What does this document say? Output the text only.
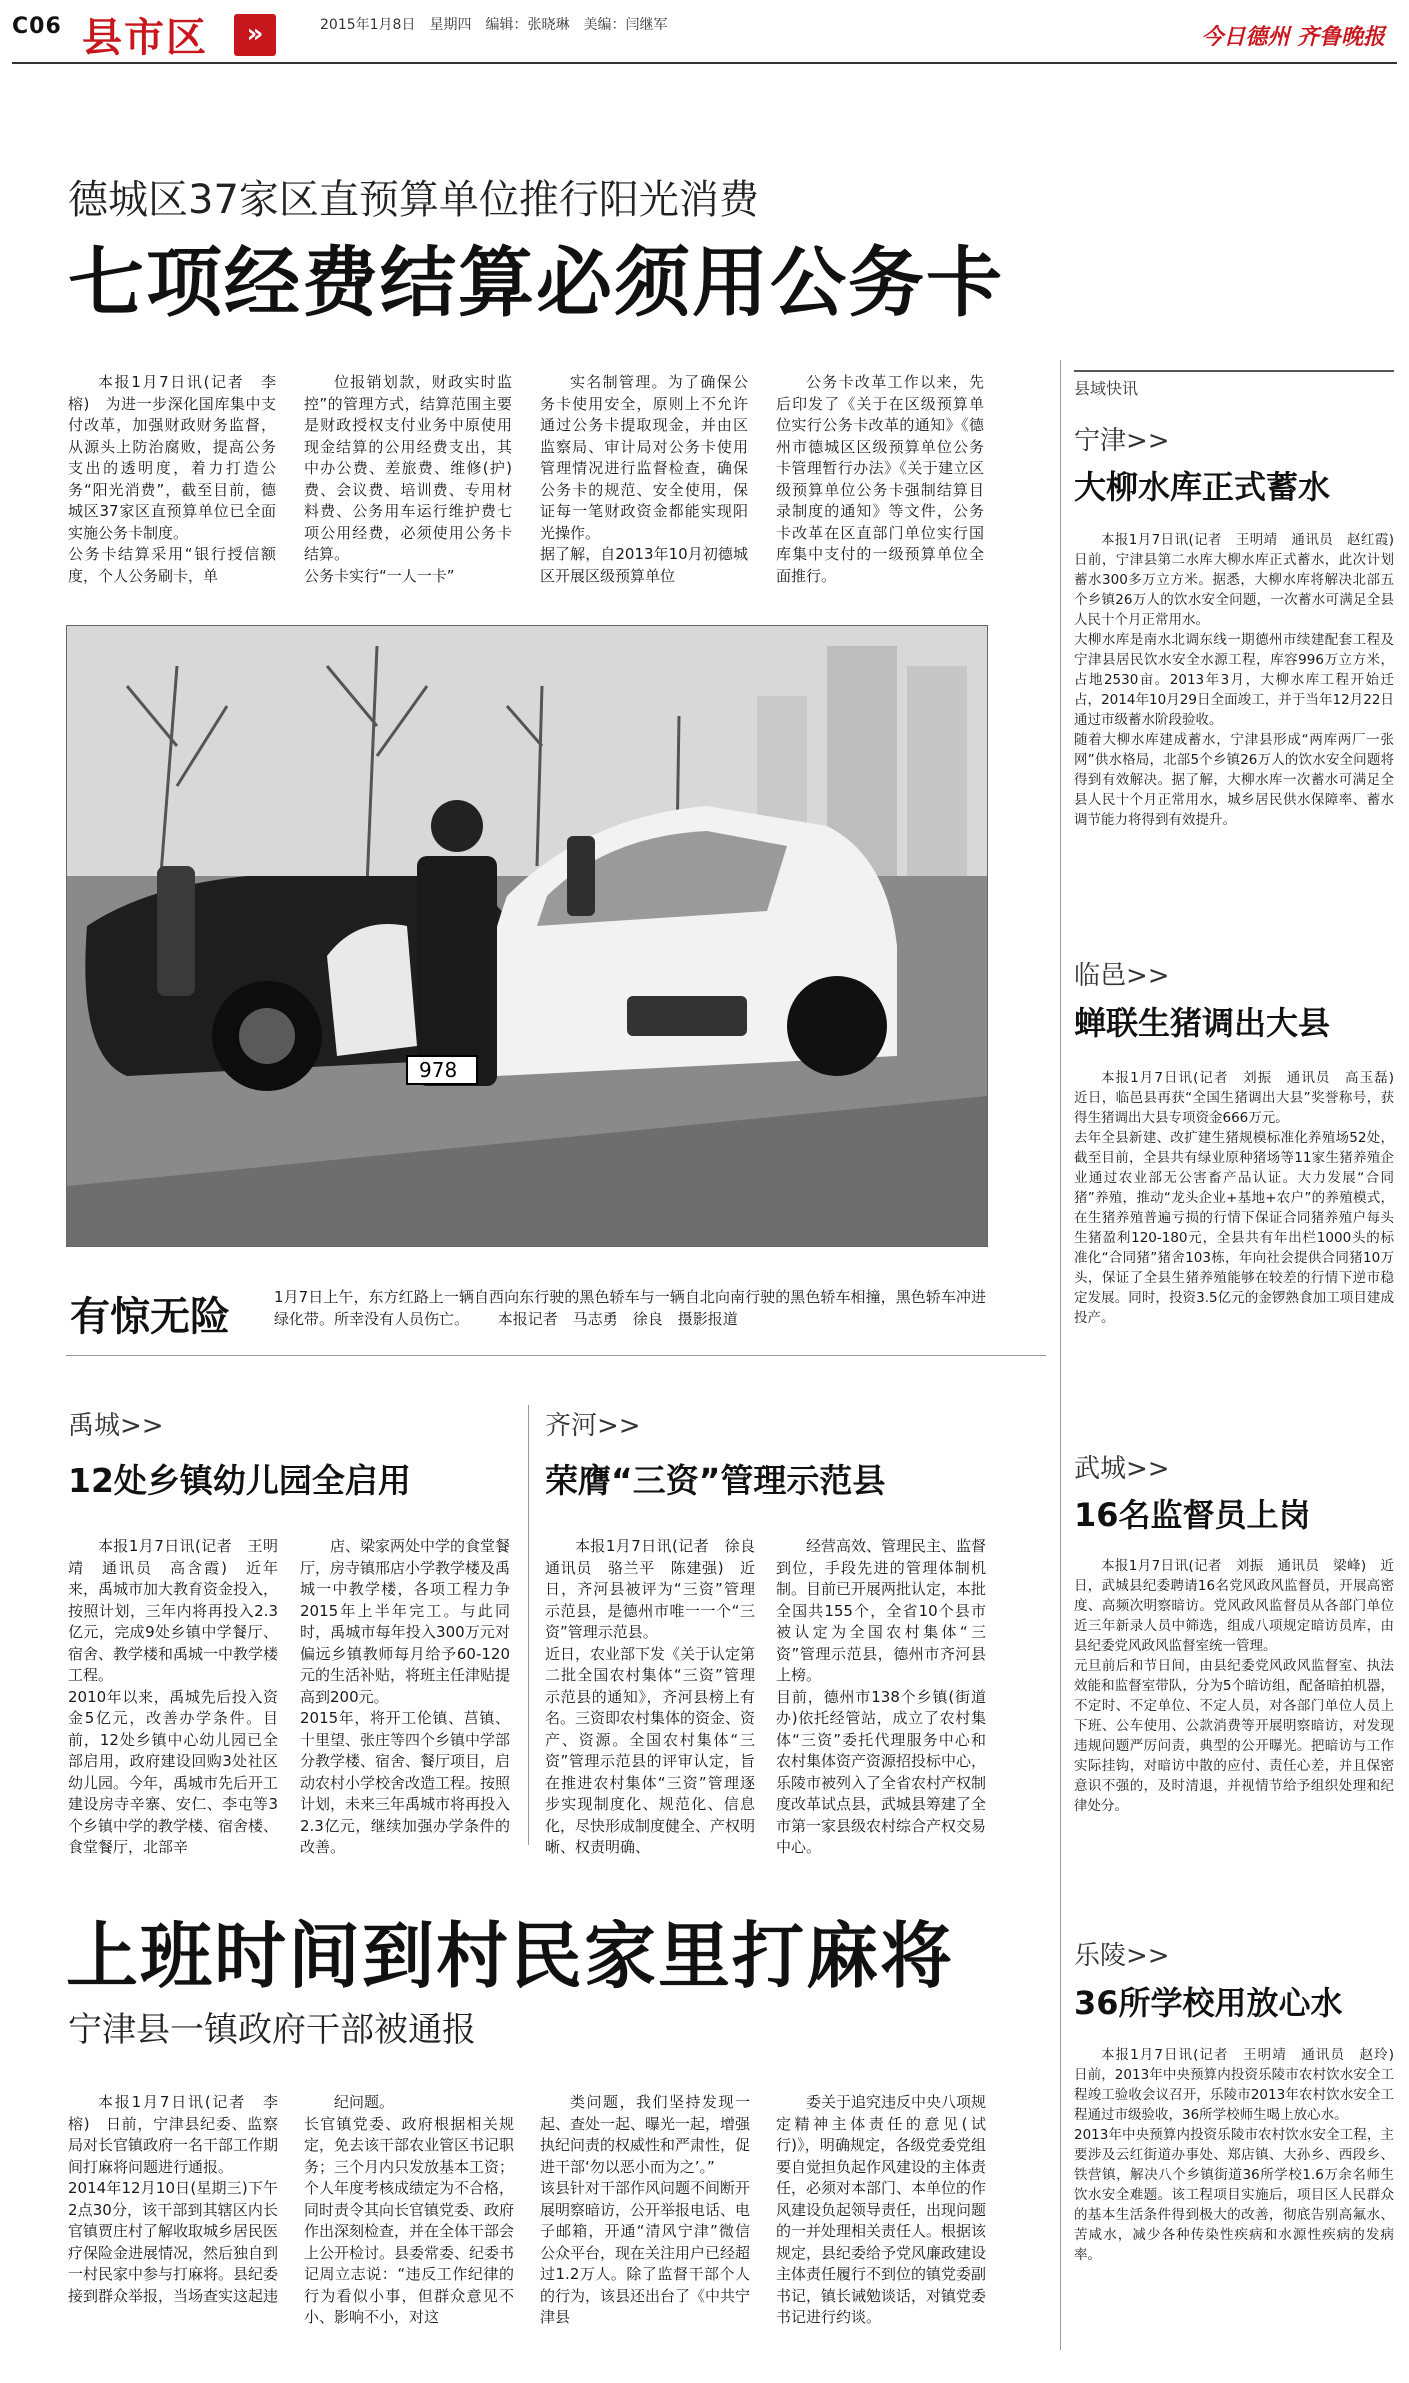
C06 县市区	»	2015年1月8日　星期四　编辑：张晓琳　美编：闫继军	今日德州 齐鲁晚报
德城区37家区直预算单位推行阳光消费
七项经费结算必须用公务卡

本报1月7日讯(记者　李榕)　为进一步深化国库集中支付改革，加强财政财务监督，从源头上防治腐败，提高公务支出的透明度，着力打造公务“阳光消费”，截至目前，德城区37家区直预算单位已全面实施公务卡制度。
公务卡结算采用“银行授信额度，个人公务刷卡，单

位报销划款，财政实时监控”的管理方式，结算范围主要是财政授权支付业务中原使用现金结算的公用经费支出，其中办公费、差旅费、维修(护)费、会议费、培训费、专用材料费、公务用车运行维护费七项公用经费，必须使用公务卡结算。
公务卡实行“一人一卡”

实名制管理。为了确保公务卡使用安全，原则上不允许通过公务卡提取现金，并由区监察局、审计局对公务卡使用管理情况进行监督检查，确保公务卡的规范、安全使用，保证每一笔财政资金都能实现阳光操作。
据了解，自2013年10月初德城区开展区级预算单位

公务卡改革工作以来，先后印发了《关于在区级预算单位实行公务卡改革的通知》《德州市德城区区级预算单位公务卡管理暂行办法》《关于建立区级预算单位公务卡强制结算目录制度的通知》等文件，公务卡改革在区直部门单位实行国库集中支付的一级预算单位全面推行。

978
有惊无险	1月7日上午，东方红路上一辆自西向东行驶的黑色轿车与一辆自北向南行驶的黑色轿车相撞，黑色轿车冲进绿化带。所幸没有人员伤亡。 本报记者　马志勇　徐良　摄影报道
县域快讯
宁津>>
大柳水库正式蓄水

本报1月7日讯(记者　王明靖　通讯员　赵红霞)　日前，宁津县第二水库大柳水库正式蓄水，此次计划蓄水300多万立方米。据悉，大柳水库将解决北部五个乡镇26万人的饮水安全问题，一次蓄水可满足全县人民十个月正常用水。
大柳水库是南水北调东线一期德州市续建配套工程及宁津县居民饮水安全水源工程，库容996万立方米，占地2530亩。2013年3月，大柳水库工程开始迁占，2014年10月29日全面竣工，并于当年12月22日通过市级蓄水阶段验收。
随着大柳水库建成蓄水，宁津县形成“两库两厂一张网”供水格局，北部5个乡镇26万人的饮水安全问题将得到有效解决。据了解，大柳水库一次蓄水可满足全县人民十个月正常用水，城乡居民供水保障率、蓄水调节能力将得到有效提升。

临邑>>
蝉联生猪调出大县

本报1月7日讯(记者　刘振　通讯员　高玉磊)　近日，临邑县再获“全国生猪调出大县”奖誉称号，获得生猪调出大县专项资金666万元。
去年全县新建、改扩建生猪规模标准化养殖场52处，截至目前，全县共有绿业原种猪场等11家生猪养殖企业通过农业部无公害畜产品认证。大力发展“合同猪”养殖，推动“龙头企业+基地+农户”的养殖模式，在生猪养殖普遍亏损的行情下保证合同猪养殖户每头生猪盈利120-180元，全县共有年出栏1000头的标准化“合同猪”猪舍103栋，年向社会提供合同猪10万头，保证了全县生猪养殖能够在较差的行情下逆市稳定发展。同时，投资3.5亿元的金锣熟食加工项目建成投产。

武城>>
16名监督员上岗

本报1月7日讯(记者　刘振　通讯员　梁峰)　近日，武城县纪委聘请16名党风政风监督员，开展高密度、高频次明察暗访。党风政风监督员从各部门单位近三年新录人员中筛选，组成八项规定暗访员库，由县纪委党风政风监督室统一管理。
元旦前后和节日间，由县纪委党风政风监督室、执法效能和监督室带队，分为5个暗访组，配备暗拍机器，不定时、不定单位、不定人员，对各部门单位人员上下班、公车使用、公款消费等开展明察暗访，对发现违规问题严厉问责，典型的公开曝光。把暗访与工作实际挂钩，对暗访中散的应付、责任心差，并且保密意识不强的，及时清退，并视情节给予组织处理和纪律处分。

乐陵>>
36所学校用放心水

本报1月7日讯(记者　王明靖　通讯员　赵玲)　日前，2013年中央预算内投资乐陵市农村饮水安全工程竣工验收会议召开，乐陵市2013年农村饮水安全工程通过市级验收，36所学校师生喝上放心水。
2013年中央预算内投资乐陵市农村饮水安全工程，主要涉及云红街道办事处、郑店镇、大孙乡、西段乡、铁营镇，解决八个乡镇街道36所学校1.6万余名师生饮水安全难题。该工程项目实施后，项目区人民群众的基本生活条件得到极大的改善，彻底告别高氟水、苦咸水，减少各种传染性疾病和水源性疾病的发病率。

禹城>>
12处乡镇幼儿园全启用

本报1月7日讯(记者　王明靖　通讯员　高含霞)　近年来，禹城市加大教育资金投入，按照计划，三年内将再投入2.3亿元，完成9处乡镇中学餐厅、宿舍、教学楼和禹城一中教学楼工程。
2010年以来，禹城先后投入资金5亿元，改善办学条件。目前，12处乡镇中心幼儿园已全部启用，政府建设回购3处社区幼儿园。今年，禹城市先后开工建设房寺辛寨、安仁、李屯等3个乡镇中学的教学楼、宿舍楼、食堂餐厅，北部辛

店、梁家两处中学的食堂餐厅，房寺镇邢店小学教学楼及禹城一中教学楼，各项工程力争2015年上半年完工。与此同时，禹城市每年投入300万元对偏远乡镇教师每月给予60-120元的生活补贴，将班主任津贴提高到200元。
2015年，将开工伦镇、莒镇、十里望、张庄等四个乡镇中学部分教学楼、宿舍、餐厅项目，启动农村小学校舍改造工程。按照计划，未来三年禹城市将再投入2.3亿元，继续加强办学条件的改善。

齐河>>
荣膺“三资”管理示范县

本报1月7日讯(记者　徐良　通讯员　骆兰平　陈建强)　近日，齐河县被评为“三资”管理示范县，是德州市唯一一个“三资”管理示范县。
近日，农业部下发《关于认定第二批全国农村集体“三资”管理示范县的通知》，齐河县榜上有名。三资即农村集体的资金、资产、资源。全国农村集体“三资”管理示范县的评审认定，旨在推进农村集体“三资”管理逐步实现制度化、规范化、信息化，尽快形成制度健全、产权明晰、权责明确、

经营高效、管理民主、监督到位，手段先进的管理体制机制。目前已开展两批认定，本批全国共155个，全省10个县市被认定为全国农村集体“三资”管理示范县，德州市齐河县上榜。
目前，德州市138个乡镇(街道办)依托经管站，成立了农村集体“三资”委托代理服务中心和农村集体资产资源招投标中心，乐陵市被列入了全省农村产权制度改革试点县，武城县筹建了全市第一家县级农村综合产权交易中心。

上班时间到村民家里打麻将
宁津县一镇政府干部被通报

本报1月7日讯(记者　李榕)　日前，宁津县纪委、监察局对长官镇政府一名干部工作期间打麻将问题进行通报。
2014年12月10日(星期三)下午2点30分，该干部到其辖区内长官镇贾庄村了解收取城乡居民医疗保险金进展情况，然后独自到一村民家中参与打麻将。县纪委接到群众举报，当场查实这起违

纪问题。
长官镇党委、政府根据相关规定，免去该干部农业管区书记职务；三个月内只发放基本工资；个人年度考核成绩定为不合格，同时责令其向长官镇党委、政府作出深刻检查，并在全体干部会上公开检讨。县委常委、纪委书记周立志说：“违反工作纪律的行为看似小事，但群众意见不小、影响不小，对这

类问题，我们坚持发现一起、查处一起、曝光一起，增强执纪问责的权威性和严肃性，促进干部‘勿以恶小而为之’。”
该县针对干部作风问题不间断开展明察暗访，公开举报电话、电子邮箱，开通“清风宁津”微信公众平台，现在关注用户已经超过1.2万人。除了监督干部个人的行为，该县还出台了《中共宁津县

委关于追究违反中央八项规定精神主体责任的意见(试行)》，明确规定，各级党委党组要自觉担负起作风建设的主体责任，必须对本部门、本单位的作风建设负起领导责任，出现问题的一并处理相关责任人。根据该规定，县纪委给予党风廉政建设主体责任履行不到位的镇党委副书记，镇长诫勉谈话，对镇党委书记进行约谈。
